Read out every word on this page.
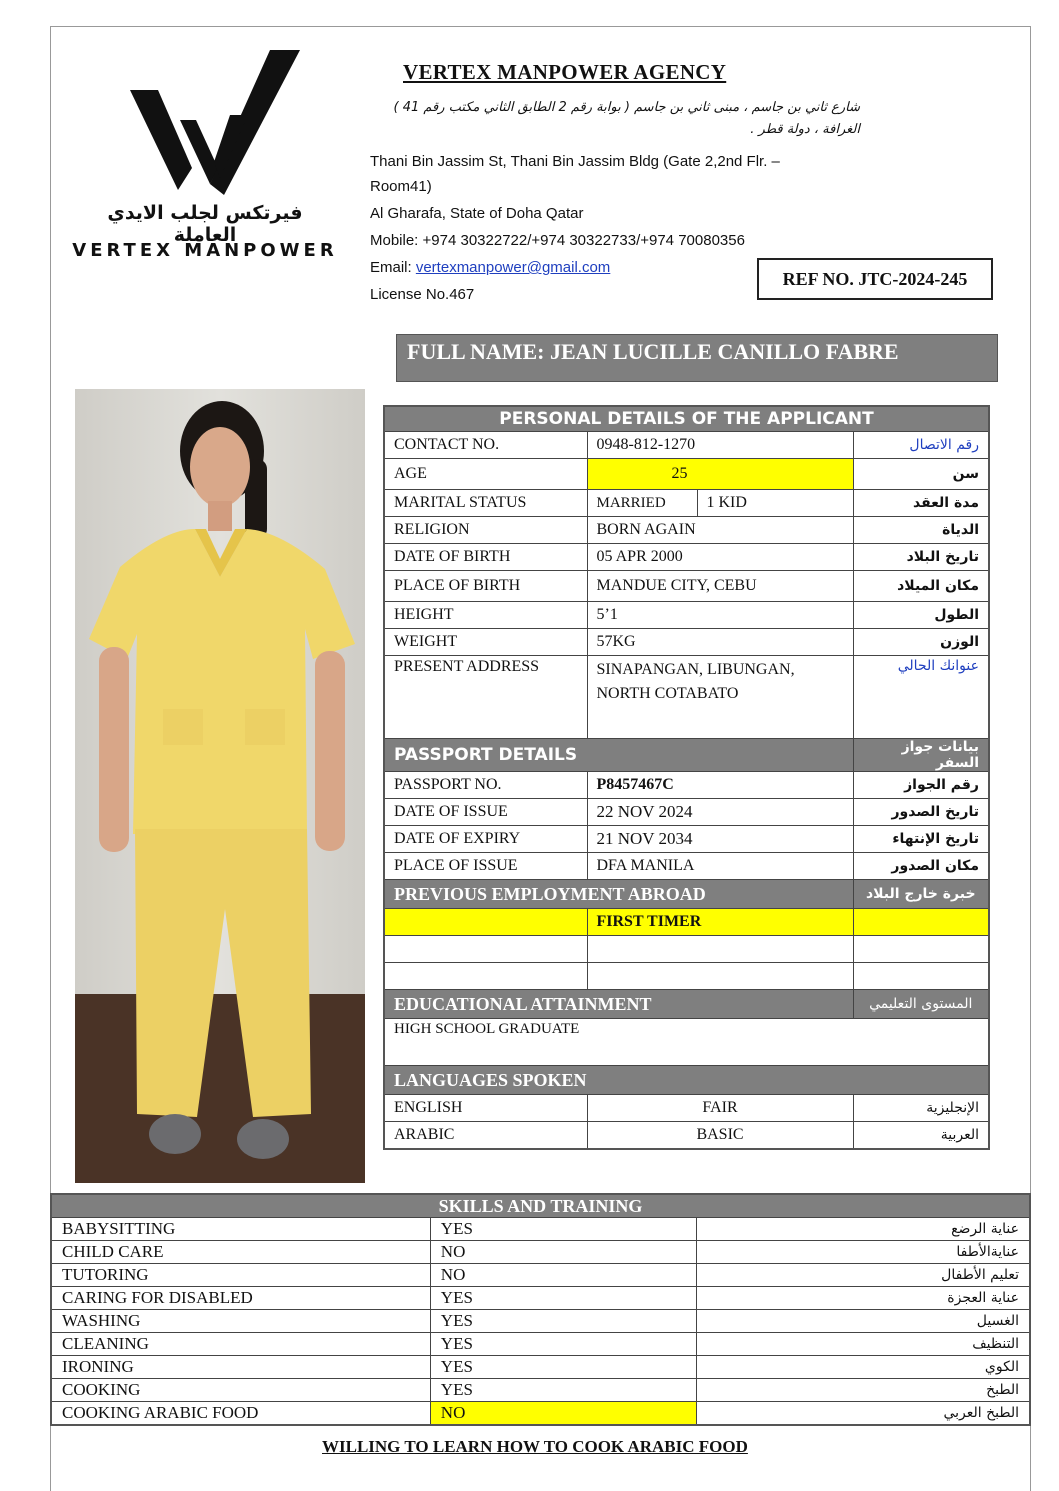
فيرتكس لجلب الايدي العاملة
VERTEX MANPOWER
VERTEX MANPOWER AGENCY
شارع ثاني بن جاسم ، مبنى ثاني بن جاسم ( بوابة رقم 2 الطابق الثاني مكتب رقم 41 )
الغرافة ، دولة قطر .
Thani Bin Jassim St, Thani Bin Jassim Bldg (Gate 2,2nd Flr. –Room41)
Al Gharafa, State of Doha Qatar
Mobile: +974 30322722/+974 30322733/+974 70080356
Email: vertexmanpower@gmail.com
License No.467
REF NO. JTC-2024-245
FULL NAME: JEAN LUCILLE CANILLO FABRE
PERSONAL DETAILS OF THE APPLICANT			
CONTACT NO.	0948-812-1270		رقم الاتصال
AGE	25		سن
MARITAL STATUS	MARRIED	1 KID	مدة العقد
RELIGION	BORN AGAIN		الدياة
DATE OF BIRTH	05 APR 2000		تاريخ البلاد
PLACE OF BIRTH	MANDUE CITY, CEBU		مكان الميلاد
HEIGHT	5’1		الطول
WEIGHT	57KG		الوزن
PRESENT ADDRESS	SINAPANGAN, LIBUNGAN,
NORTH COTABATO		عنوانك الحالي
PASSPORT DETAILS			بيانات جواز السفر
PASSPORT NO.	P8457467C		رقم الجواز
DATE OF ISSUE	22 NOV 2024		تاريخ الصدور
DATE OF EXPIRY	21 NOV 2034		تاريخ الإنتهاء
PLACE OF ISSUE	DFA MANILA		مكان الصدور
PREVIOUS EMPLOYMENT ABROAD			خبرة خارج البلاد
	FIRST TIMER		

EDUCATIONAL ATTAINMENT			المستوى التعليمي
HIGH SCHOOL GRADUATE			
LANGUAGES SPOKEN			
ENGLISH	FAIR		الإنجليزية
ARABIC	BASIC		العربية
SKILLS AND TRAINING		
BABYSITTING	YES	عناية الرضع
CHILD CARE	NO	عنايةالأطفا
TUTORING	NO	تعليم الأطفال
CARING FOR DISABLED	YES	عناية العجزة
WASHING	YES	الغسيل
CLEANING	YES	التنظيف
IRONING	YES	الكوي
COOKING	YES	الطبخ
COOKING ARABIC FOOD	NO	الطبخ العربي
WILLING TO LEARN HOW TO COOK ARABIC FOOD
